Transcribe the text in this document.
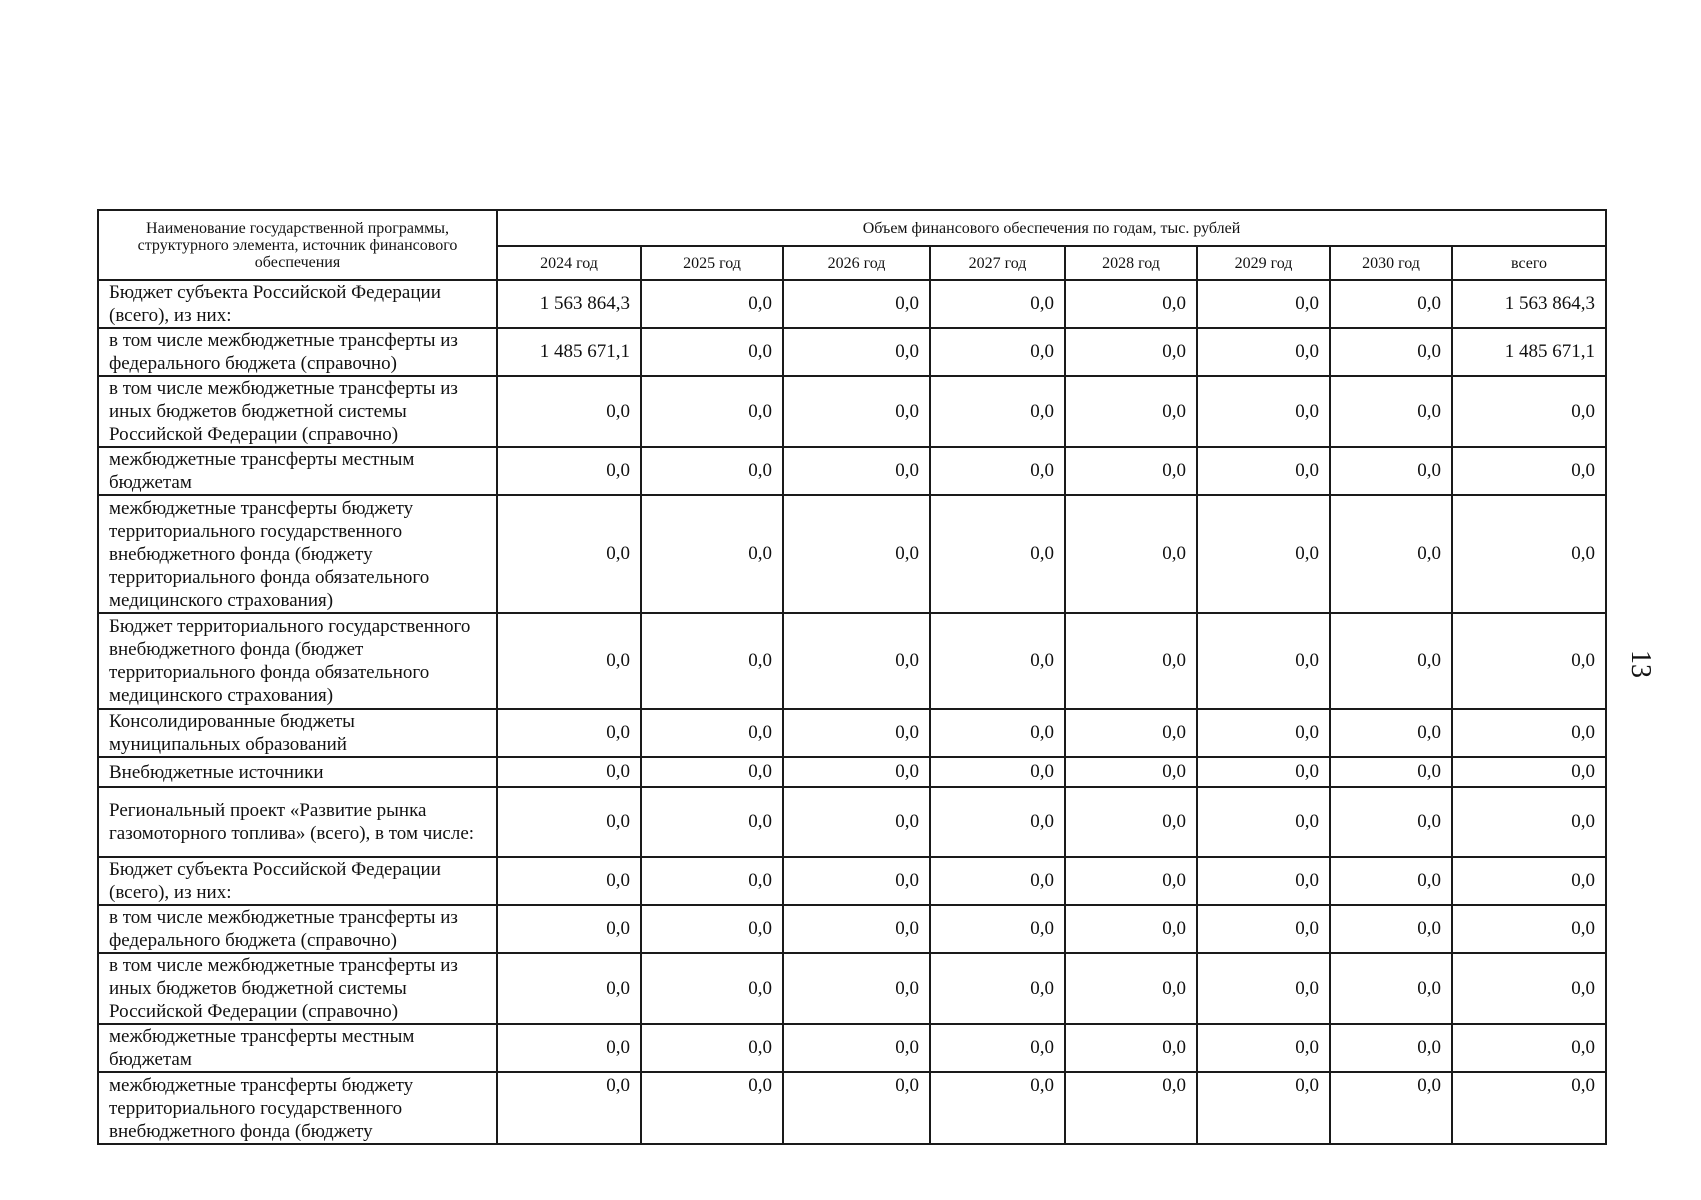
Наименование государственной программы, структурного элемента, источник финансового обеспечения	Объем финансового обеспечения по годам, тыс. рублей							
	2024 год	2025 год	2026 год	2027 год	2028 год	2029 год	2030 год	всего
Бюджет субъекта Российской Федерации (всего), из них:	1 563 864,3	0,0	0,0	0,0	0,0	0,0	0,0	1 563 864,3
в том числе межбюджетные трансферты из федерального бюджета (справочно)	1 485 671,1	0,0	0,0	0,0	0,0	0,0	0,0	1 485 671,1
в том числе межбюджетные трансферты из иных бюджетов бюджетной системы Российской Федерации (справочно)	0,0	0,0	0,0	0,0	0,0	0,0	0,0	0,0
межбюджетные трансферты местным бюджетам	0,0	0,0	0,0	0,0	0,0	0,0	0,0	0,0
межбюджетные трансферты бюджету территориального государственного внебюджетного фонда (бюджету территориального фонда обязательного медицинского страхования)	0,0	0,0	0,0	0,0	0,0	0,0	0,0	0,0
Бюджет территориального государственного внебюджетного фонда (бюджет территориального фонда обязательного медицинского страхования)	0,0	0,0	0,0	0,0	0,0	0,0	0,0	0,0
Консолидированные бюджеты муниципальных образований	0,0	0,0	0,0	0,0	0,0	0,0	0,0	0,0
Внебюджетные источники	0,0	0,0	0,0	0,0	0,0	0,0	0,0	0,0
Региональный проект «Развитие рынка газомоторного топлива» (всего), в том числе:	0,0	0,0	0,0	0,0	0,0	0,0	0,0	0,0
Бюджет субъекта Российской Федерации (всего), из них:	0,0	0,0	0,0	0,0	0,0	0,0	0,0	0,0
в том числе межбюджетные трансферты из федерального бюджета (справочно)	0,0	0,0	0,0	0,0	0,0	0,0	0,0	0,0
в том числе межбюджетные трансферты из иных бюджетов бюджетной системы Российской Федерации (справочно)	0,0	0,0	0,0	0,0	0,0	0,0	0,0	0,0
межбюджетные трансферты местным бюджетам	0,0	0,0	0,0	0,0	0,0	0,0	0,0	0,0
межбюджетные трансферты бюджету территориального государственного внебюджетного фонда (бюджету	0,0	0,0	0,0	0,0	0,0	0,0	0,0	0,0
13
